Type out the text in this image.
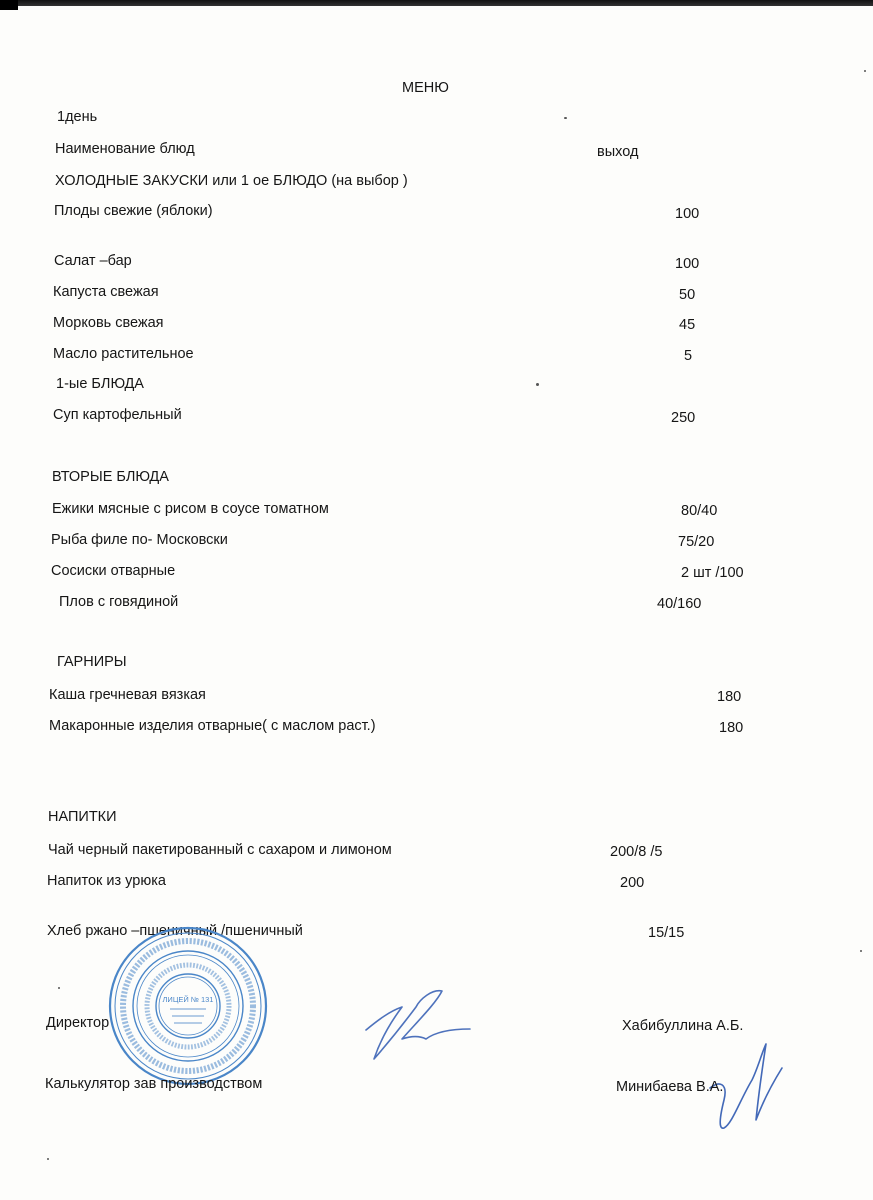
МЕНЮ
1день
Наименование блюд	выход
ХОЛОДНЫЕ ЗАКУСКИ или 1 ое БЛЮДО (на выбор )
Плоды свежие (яблоки)	100
Салат –бар	100
Капуста свежая	50
Морковь свежая	45
Масло растительное	5
1-ые БЛЮДА
Суп картофельный	250
ВТОРЫЕ БЛЮДА
Ежики мясные с рисом в соусе томатном	80/40
Рыба филе по- Московски	75/20
Сосиски отварные	2 шт /100
Плов с говядиной	40/160
ГАРНИРЫ
Каша гречневая вязкая	180
Макаронные изделия отварные( с маслом раст.)	180
НАПИТКИ
Чай черный пакетированный с сахаром и лимоном	200/8 /5
Напиток из урюка	200
Хлеб ржано –пшеничный /пшеничный	15/15
ЛИЦЕЙ № 131
Директор	Хабибуллина А.Б.
Калькулятор зав производством	Минибаева В.А.
